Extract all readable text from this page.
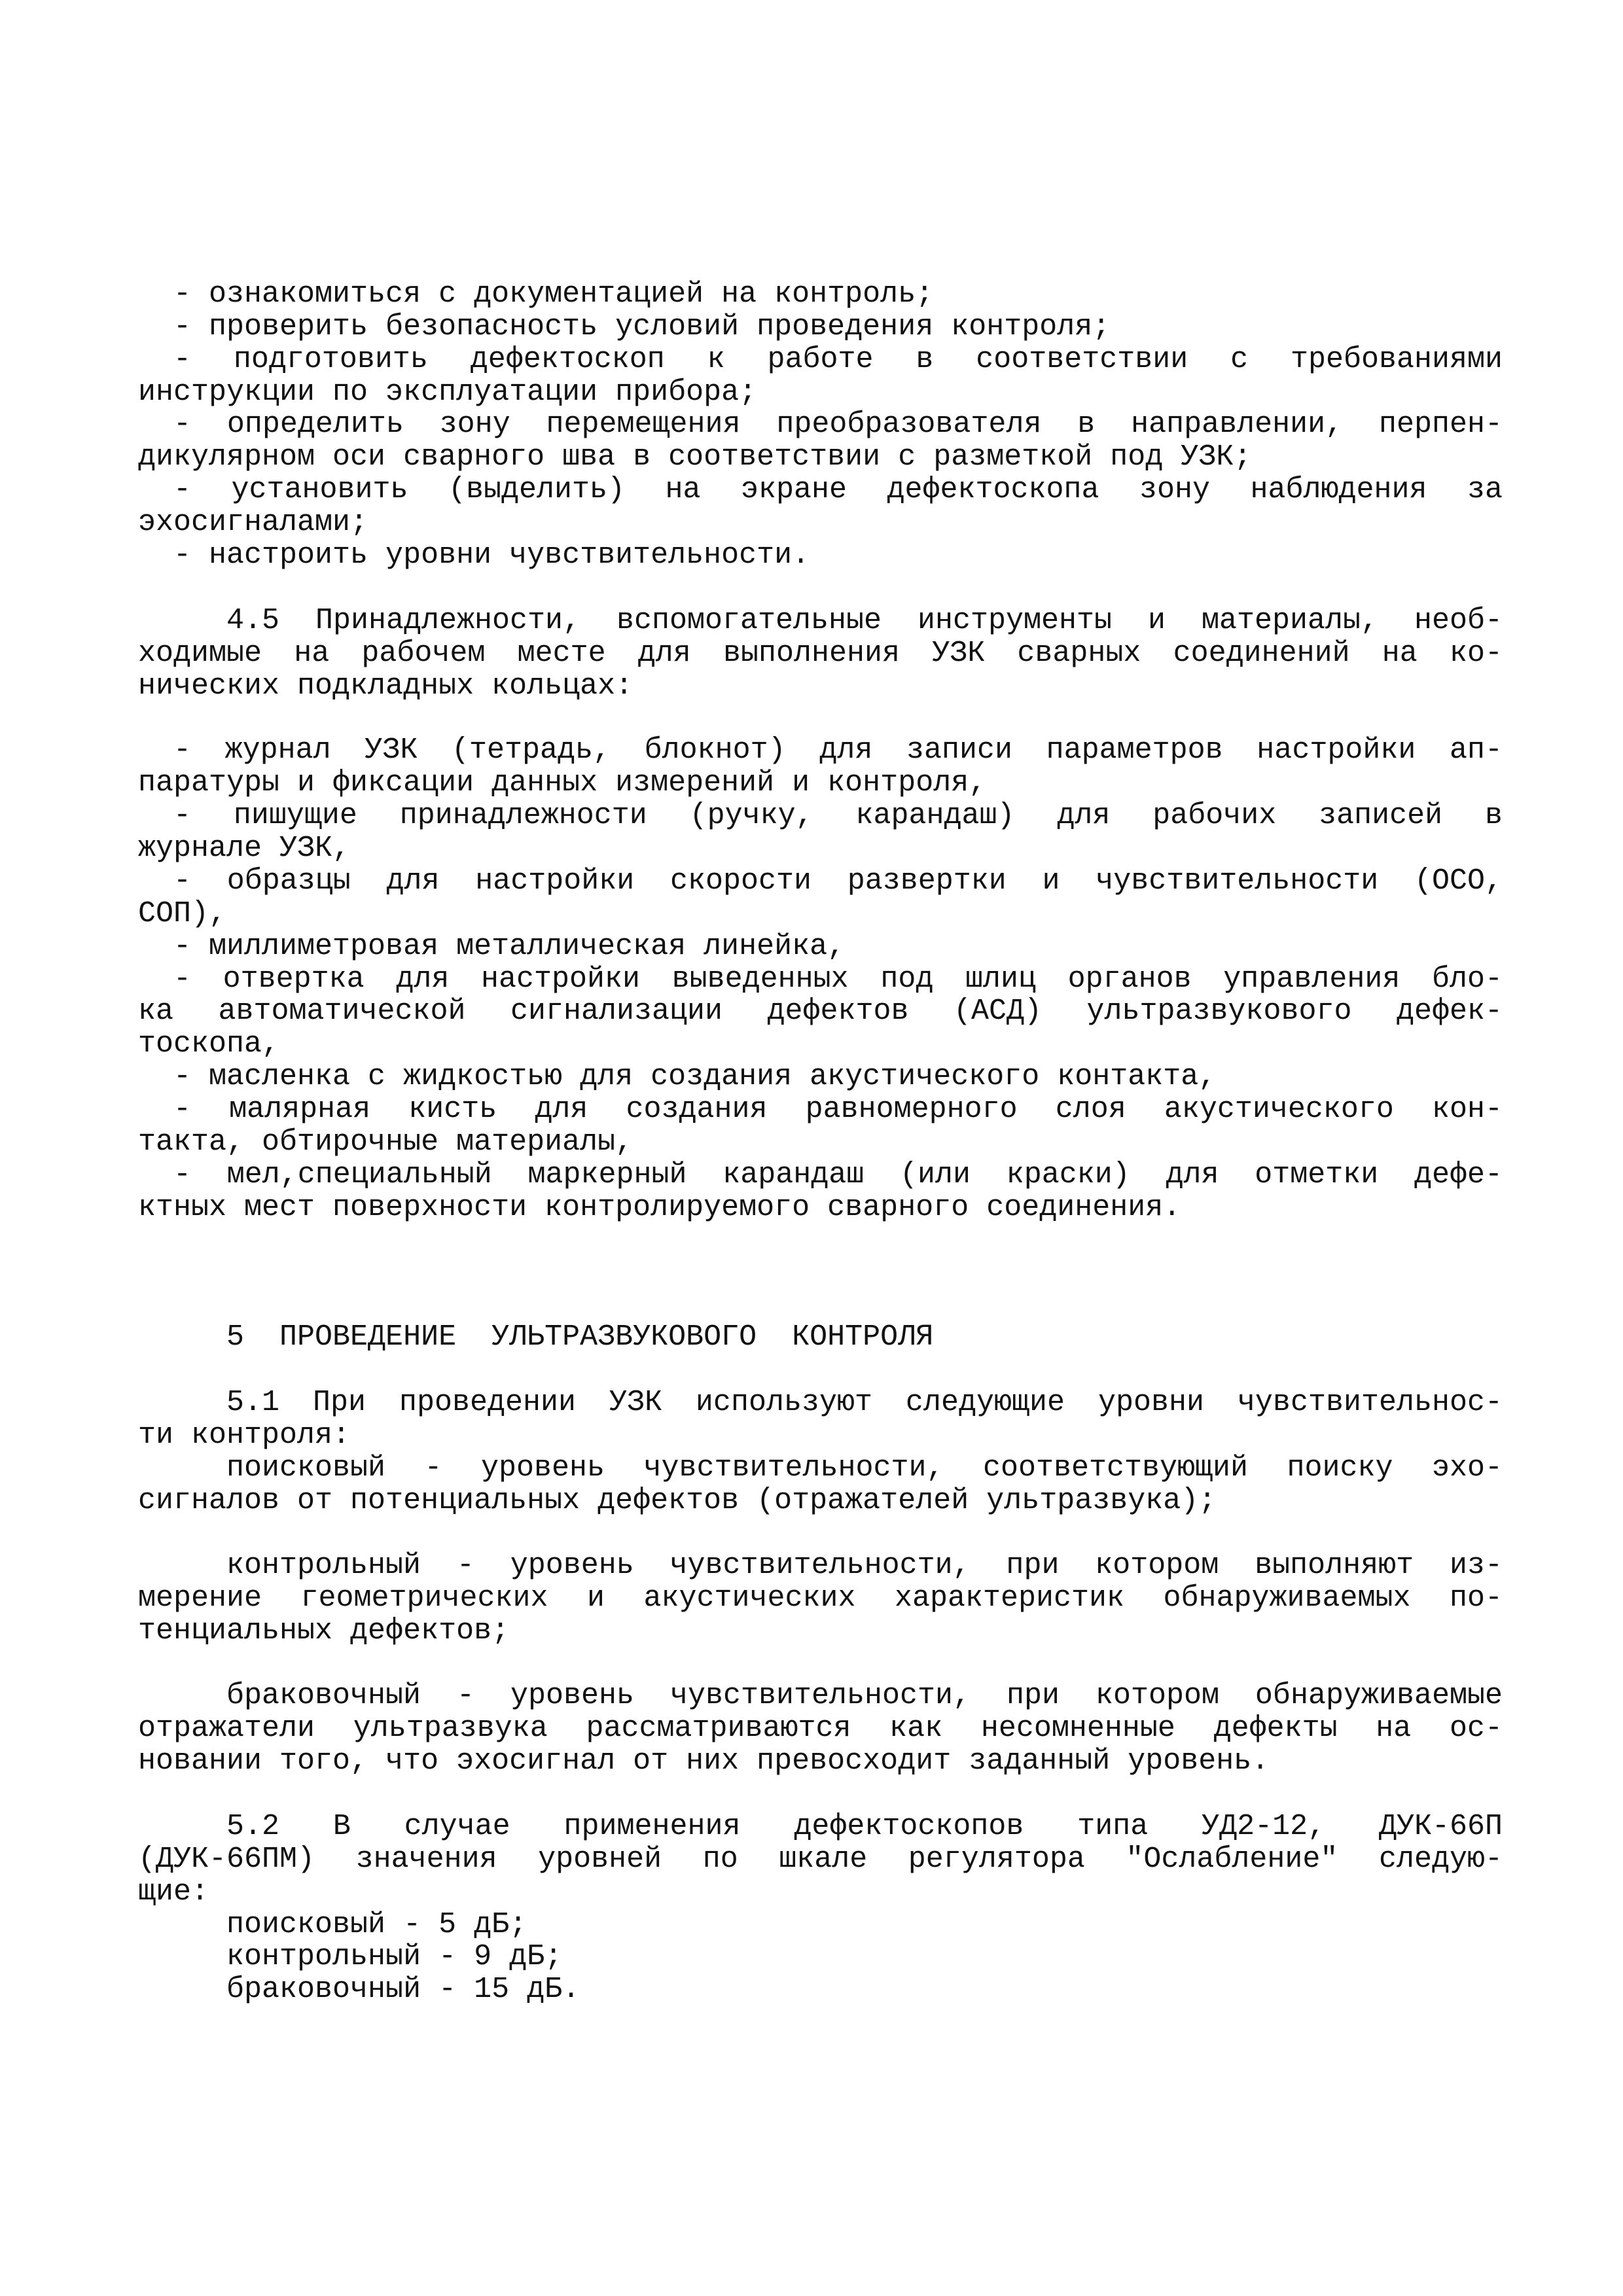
- ознакомиться с документацией на контроль;
- проверить безопасность условий проведения контроля;
- подготовить дефектоскоп к работе в соответствии с требованиями
инструкции по эксплуатации прибора;
- определить зону перемещения преобразователя в направлении, перпен-
дикулярном оси сварного шва в соответствии с разметкой под УЗК;
- установить (выделить) на экране дефектоскопа зону наблюдения за
эхосигналами;
- настроить уровни чувствительности.
4.5 Принадлежности, вспомогательные инструменты и материалы, необ-
ходимые на рабочем месте для выполнения УЗК сварных соединений на ко-
нических подкладных кольцах:
- журнал УЗК (тетрадь, блокнот) для записи параметров настройки ап-
паратуры и фиксации данных измерений и контроля,
- пишущие принадлежности (ручку, карандаш) для рабочих записей в
журнале УЗК,
- образцы для настройки скорости развертки и чувствительности (ОСО,
СОП),
- миллиметровая металлическая линейка,
- отвертка для настройки выведенных под шлиц органов управления бло-
ка автоматической сигнализации дефектов (АСД) ультразвукового дефек-
тоскопа,
- масленка с жидкостью для создания акустического контакта,
- малярная кисть для создания равномерного слоя акустического кон-
такта, обтирочные материалы,
- мел,специальный маркерный карандаш (или краски) для отметки дефе-
ктных мест поверхности контролируемого сварного соединения.
5  ПРОВЕДЕНИЕ  УЛЬТРАЗВУКОВОГО  КОНТРОЛЯ
5.1 При проведении УЗК используют следующие уровни чувствительнос-
ти контроля:
поисковый - уровень чувствительности, соответствующий поиску эхо-
сигналов от потенциальных дефектов (отражателей ультразвука);
контрольный - уровень чувствительности, при котором выполняют из-
мерение геометрических и акустических характеристик обнаруживаемых по-
тенциальных дефектов;
браковочный - уровень чувствительности, при котором обнаруживаемые
отражатели ультразвука рассматриваются как несомненные дефекты на ос-
новании того, что эхосигнал от них превосходит заданный уровень.
5.2 В случае применения дефектоскопов типа УД2-12, ДУК-66П
(ДУК-66ПМ) значения уровней по шкале регулятора "Ослабление" следую-
щие:
поисковый - 5 дБ;
контрольный - 9 дБ;
браковочный - 15 дБ.
